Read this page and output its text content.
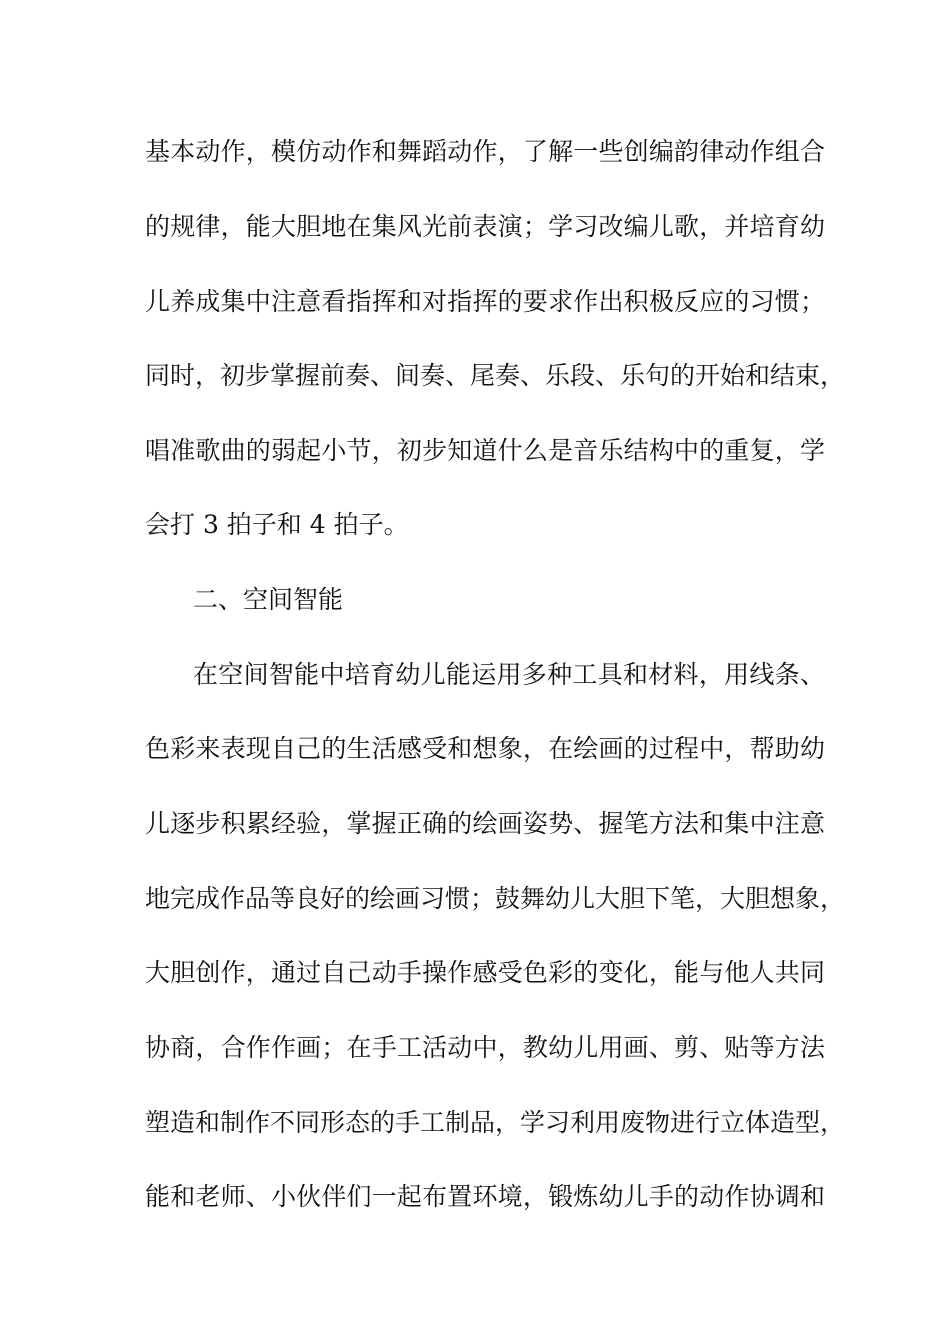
基本动作，模仿动作和舞蹈动作，了解一些创编韵律动作组合
的规律，能大胆地在集风光前表演；学习改编儿歌，并培育幼
儿养成集中注意看指挥和对指挥的要求作出积极反应的习惯；
同时，初步掌握前奏、间奏、尾奏、乐段、乐句的开始和结束，
唱准歌曲的弱起小节，初步知道什么是音乐结构中的重复，学
会打 3 拍子和 4 拍子。
二、空间智能
在空间智能中培育幼儿能运用多种工具和材料，用线条、
色彩来表现自己的生活感受和想象，在绘画的过程中，帮助幼
儿逐步积累经验，掌握正确的绘画姿势、握笔方法和集中注意
地完成作品等良好的绘画习惯；鼓舞幼儿大胆下笔，大胆想象，
大胆创作，通过自己动手操作感受色彩的变化，能与他人共同
协商，合作作画；在手工活动中，教幼儿用画、剪、贴等方法
塑造和制作不同形态的手工制品，学习利用废物进行立体造型，
能和老师、小伙伴们一起布置环境，锻炼幼儿手的动作协调和
